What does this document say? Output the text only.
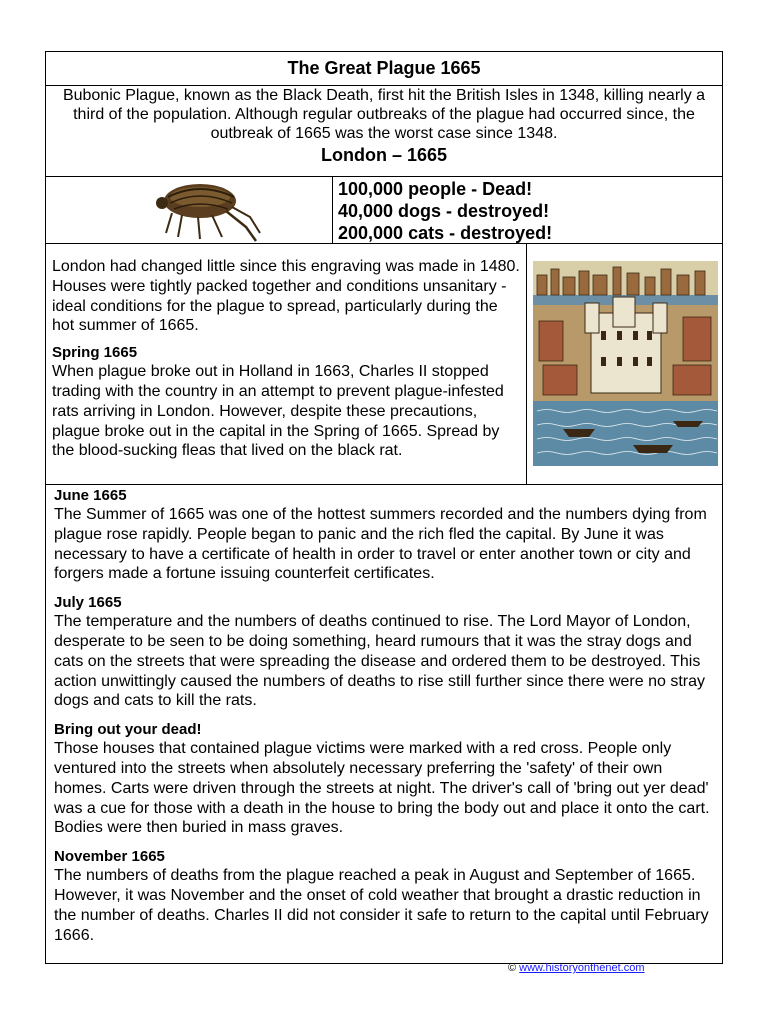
The Great Plague 1665

Bubonic Plague, known as the Black Death, first hit the British Isles in 1348, killing nearly a third of the population. Although regular outbreaks of the plague had occurred since, the outbreak of 1665 was the worst case since 1348.

London – 1665

100,000 people - Dead!

40,000 dogs - destroyed!

200,000 cats - destroyed!

London had changed little since this engraving was made in 1480. Houses were tightly packed together and conditions unsanitary - ideal conditions for the plague to spread, particularly during the hot summer of 1665.

Spring 1665

When plague broke out in Holland in 1663, Charles II stopped trading with the country in an attempt to prevent plague-infested rats arriving in London. However, despite these precautions, plague broke out in the capital in the Spring of 1665. Spread by the blood-sucking fleas that lived on the black rat.

June 1665

The Summer of 1665 was one of the hottest summers recorded and the numbers dying from plague rose rapidly. People began to panic and the rich fled the capital. By June it was necessary to have a certificate of health in order to travel or enter another town or city and forgers made a fortune issuing counterfeit certificates.

July 1665

The temperature and the numbers of deaths continued to rise. The Lord Mayor of London, desperate to be seen to be doing something, heard rumours that it was the stray dogs and cats on the streets that were spreading the disease and ordered them to be destroyed. This action unwittingly caused the numbers of deaths to rise still further since there were no stray dogs and cats to kill the rats.

Bring out your dead!

Those houses that contained plague victims were marked with a red cross. People only ventured into the streets when absolutely necessary preferring the 'safety' of their own homes. Carts were driven through the streets at night. The driver's call of 'bring out yer dead' was a cue for those with a death in the house to bring the body out and place it onto the cart. Bodies were then buried in mass graves.

November 1665

The numbers of deaths from the plague reached a peak in August and September of 1665. However, it was November and the onset of cold weather that brought a drastic reduction in the number of deaths. Charles II did not consider it safe to return to the capital until February 1666.

© www.historyonthenet.com
